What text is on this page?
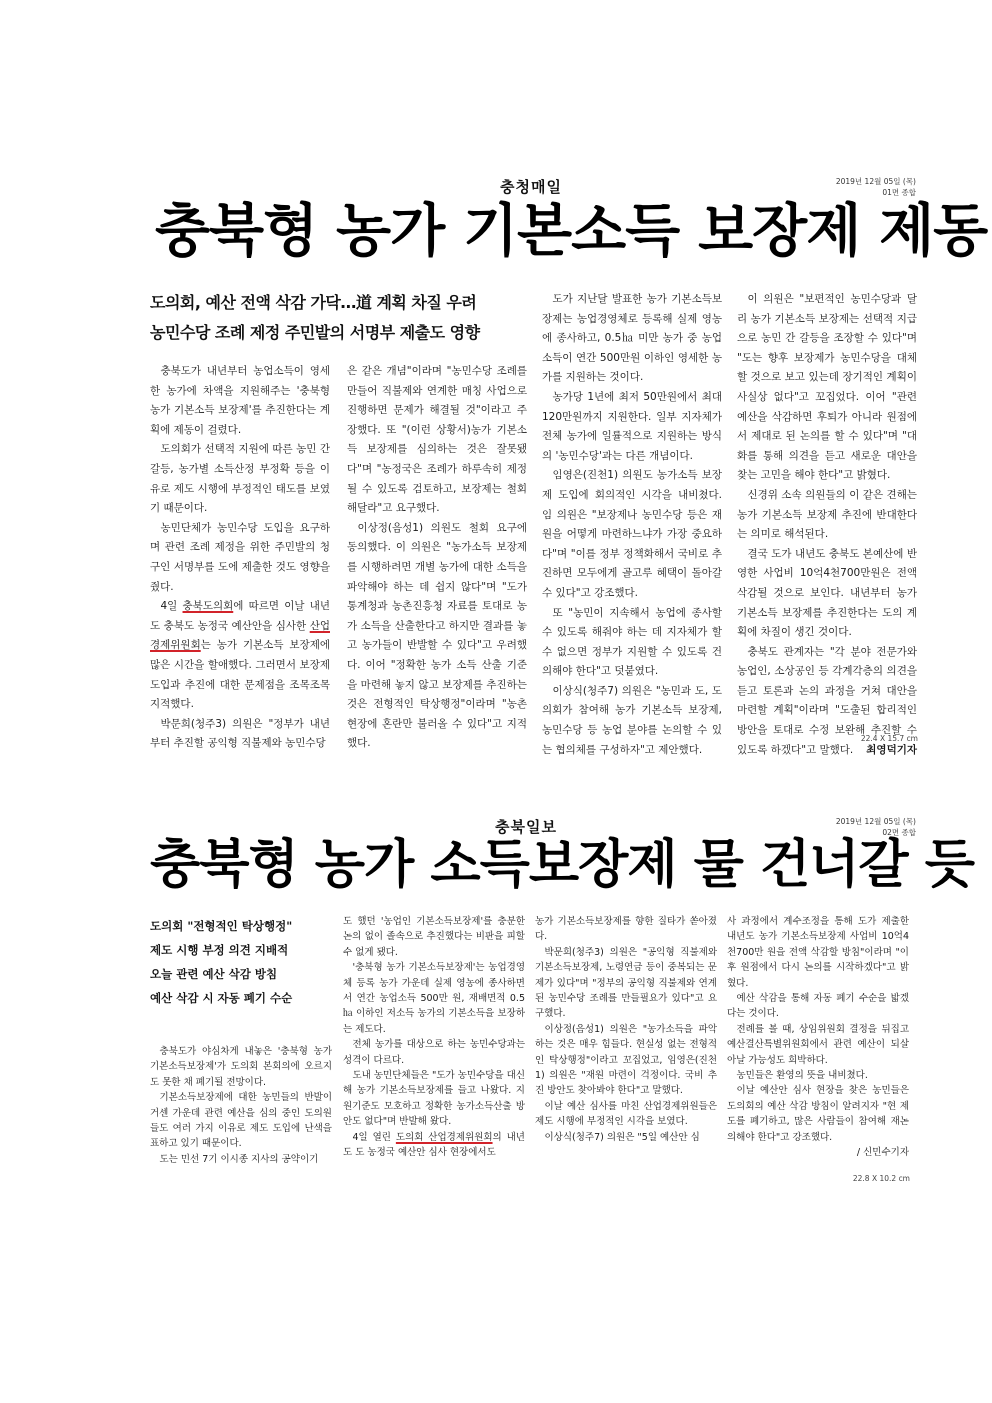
충청매일	2019년 12월 05일 (목)
01면 종합
충북형 농가 기본소득 보장제 제동
도의회, 예산 전액 삭감 가닥…道 계획 차질 우려
농민수당 조례 제정 주민발의 서명부 제출도 영향

충북도가 내년부터 농업소득이 영세한 농가에 차액을 지원해주는 '충북형 농가 기본소득 보장제'를 추진한다는 계획에 제동이 걸렸다.

도의회가 선택적 지원에 따른 농민 간 갈등, 농가별 소득산정 부정확 등을 이유로 제도 시행에 부정적인 태도를 보였기 때문이다.

농민단체가 농민수당 도입을 요구하며 관련 조례 제정을 위한 주민발의 청구인 서명부를 도에 제출한 것도 영향을 줬다.

4일 충북도의회에 따르면 이날 내년도 충북도 농정국 예산안을 심사한 산업경제위원회는 농가 기본소득 보장제에 많은 시간을 할애했다. 그러면서 보장제 도입과 추진에 대한 문제점을 조목조목 지적했다.

박문희(청주3) 의원은 "정부가 내년부터 추진할 공익형 직불제와 농민수당

은 같은 개념"이라며 "농민수당 조례를 만들어 직불제와 연계한 매칭 사업으로 진행하면 문제가 해결될 것"이라고 주장했다. 또 "(이런 상황서)농가 기본소득 보장제를 심의하는 것은 잘못됐다"며 "농정국은 조례가 하루속히 제정될 수 있도록 검토하고, 보장제는 철회해달라"고 요구했다.

이상정(음성1) 의원도 철회 요구에 동의했다. 이 의원은 "농가소득 보장제를 시행하려면 개별 농가에 대한 소득을 파악해야 하는 데 쉽지 않다"며 "도가 통계청과 농촌진흥청 자료를 토대로 농가 소득을 산출한다고 하지만 결과를 놓고 농가들이 반발할 수 있다"고 우려했다. 이어 "정확한 농가 소득 산출 기준을 마련해 놓지 않고 보장제를 추진하는 것은 전형적인 탁상행정"이라며 "농촌 현장에 혼란만 불러올 수 있다"고 지적했다.

도가 지난달 발표한 농가 기본소득보장제는 농업경영체로 등록해 실제 영농에 종사하고, 0.5㏊ 미만 농가 중 농업소득이 연간 500만원 이하인 영세한 농가를 지원하는 것이다.

농가당 1년에 최저 50만원에서 최대 120만원까지 지원한다. 일부 지자체가 전체 농가에 일률적으로 지원하는 방식의 '농민수당'과는 다른 개념이다.

임영은(진천1) 의원도 농가소득 보장제 도입에 회의적인 시각을 내비쳤다. 임 의원은 "보장제나 농민수당 등은 재원을 어떻게 마련하느냐가 가장 중요하다"며 "이를 정부 정책화해서 국비로 추진하면 모두에게 골고루 혜택이 돌아갈 수 있다"고 강조했다.

또 "농민이 지속해서 농업에 종사할 수 있도록 해줘야 하는 데 지자체가 할 수 없으면 정부가 지원할 수 있도록 건의해야 한다"고 덧붙였다.

이상식(청주7) 의원은 "농민과 도, 도의회가 참여해 농가 기본소득 보장제, 농민수당 등 농업 분야를 논의할 수 있는 협의체를 구성하자"고 제안했다.

이 의원은 "보편적인 농민수당과 달리 농가 기본소득 보장제는 선택적 지급으로 농민 간 갈등을 조장할 수 있다"며 "도는 향후 보장제가 농민수당을 대체할 것으로 보고 있는데 장기적인 계획이 사실상 없다"고 꼬집었다. 이어 "관련 예산을 삭감하면 후퇴가 아니라 원점에서 제대로 된 논의를 할 수 있다"며 "대화를 통해 의견을 듣고 새로운 대안을 찾는 고민을 해야 한다"고 밝혔다.

신경위 소속 의원들의 이 같은 견해는 농가 기본소득 보장제 추진에 반대한다는 의미로 해석된다.

결국 도가 내년도 충북도 본예산에 반영한 사업비 10억4천700만원은 전액 삭감될 것으로 보인다. 내년부터 농가 기본소득 보장제를 추진한다는 도의 계획에 차질이 생긴 것이다.

충북도 관계자는 "각 분야 전문가와 농업인, 소상공인 등 각계각층의 의견을 듣고 토론과 논의 과정을 거쳐 대안을 마련할 계획"이라며 "도출된 합리적인 방안을 토대로 수정 보완해 추진할 수 있도록 하겠다"고 말했다.	최영덕기자

22.4 X 15.7 cm
충북일보	2019년 12월 05일 (목)
02면 종합
충북형 농가 소득보장제 물 건너갈 듯
도의회 "전형적인 탁상행정"
제도 시행 부정 의견 지배적
오늘 관련 예산 삭감 방침
예산 삭감 시 자동 폐기 수순

충북도가 야심차게 내놓은 '충북형 농가 기본소득보장제'가 도의회 본회의에 오르지도 못한 채 폐기될 전망이다.

기본소득보장제에 대한 농민들의 반발이 거센 가운데 관련 예산을 심의 중인 도의원들도 여러 가지 이유로 제도 도입에 난색을 표하고 있기 때문이다.

도는 민선 7기 이시종 지사의 공약이기

도 했던 '농업인 기본소득보장제'를 충분한 논의 없이 졸속으로 추진했다는 비판을 피할 수 없게 됐다.

'충북형 농가 기본소득보장제'는 농업경영체 등록 농가 가운데 실제 영농에 종사하면서 연간 농업소득 500만 원, 재배면적 0.5㏊ 이하인 저소득 농가의 기본소득을 보장하는 제도다.

전체 농가를 대상으로 하는 농민수당과는 성격이 다르다.

도내 농민단체들은 "도가 농민수당을 대신해 농가 기본소득보장제를 들고 나왔다. 지원기준도 모호하고 정확한 농가소득산출 방안도 없다"며 반발해 왔다.

4일 열린 도의회 산업경제위원회의 내년도 도 농정국 예산안 심사 현장에서도

농가 기본소득보장제를 향한 질타가 쏟아졌다.

박문희(청주3) 의원은 "공익형 직불제와 기본소득보장제, 노령연금 등이 중복되는 문제가 있다"며 "정부의 공익형 직불제와 연계된 농민수당 조례를 만들필요가 있다"고 요구했다.

이상정(음성1) 의원은 "농가소득을 파악하는 것은 매우 힘들다. 현실성 없는 전형적인 탁상행정"이라고 꼬집었고, 임영은(진천1) 의원은 "재원 마련이 걱정이다. 국비 추진 방안도 찾아봐야 한다"고 말했다.

이날 예산 심사를 마친 산업경제위원들은 제도 시행에 부정적인 시각을 보였다.

이상식(청주7) 의원은 "5일 예산안 심

사 과정에서 계수조정을 통해 도가 제출한 내년도 농가 기본소득보장제 사업비 10억4천700만 원을 전액 삭감할 방침"이라며 "이후 원점에서 다시 논의를 시작하겠다"고 밝혔다.

예산 삭감을 통해 자동 폐기 수순을 밟겠다는 것이다.

전례를 볼 때, 상임위원회 결정을 뒤집고 예산결산특별위원회에서 관련 예산이 되살아날 가능성도 희박하다.

농민들은 환영의 뜻을 내비쳤다.

이날 예산안 심사 현장을 찾은 농민들은 도의회의 예산 삭감 방침이 알려지자 "현 제도를 폐기하고, 많은 사람들이 참여해 재논의해야 한다"고 강조했다.

/ 신민수기자
22.8 X 10.2 cm
